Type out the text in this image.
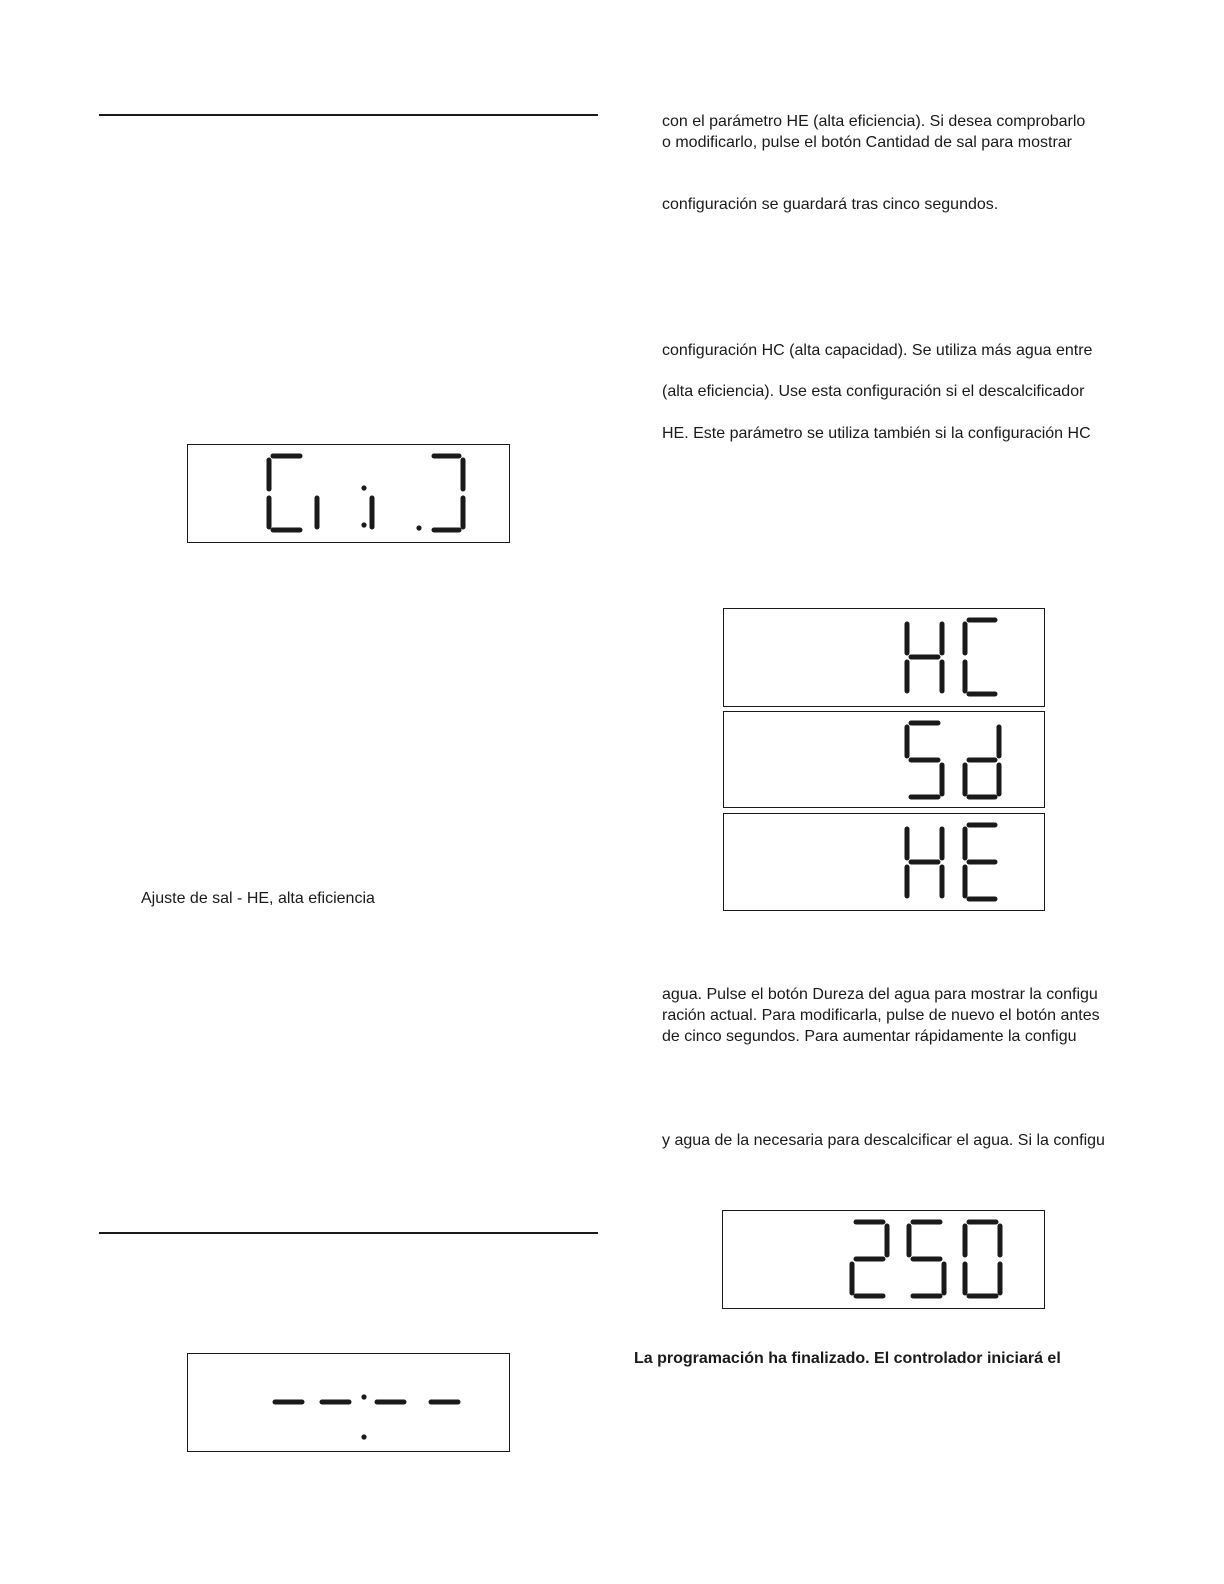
Ajuste de sal - HE, alta eficiencia
con el parámetro HE (alta eficiencia). Si desea comprobarlo
o modificarlo, pulse el botón Cantidad de sal para mostrar
configuración se guardará tras cinco segundos.
configuración HC (alta capacidad). Se utiliza más agua entre
(alta eficiencia). Use esta configuración si el descalcificador
HE. Este parámetro se utiliza también si la configuración HC
agua. Pulse el botón Dureza del agua para mostrar la configu
ración actual. Para modificarla, pulse de nuevo el botón antes
de cinco segundos. Para aumentar rápidamente la configu
y agua de la necesaria para descalcificar el agua. Si la configu
La programación ha finalizado. El controlador iniciará el
